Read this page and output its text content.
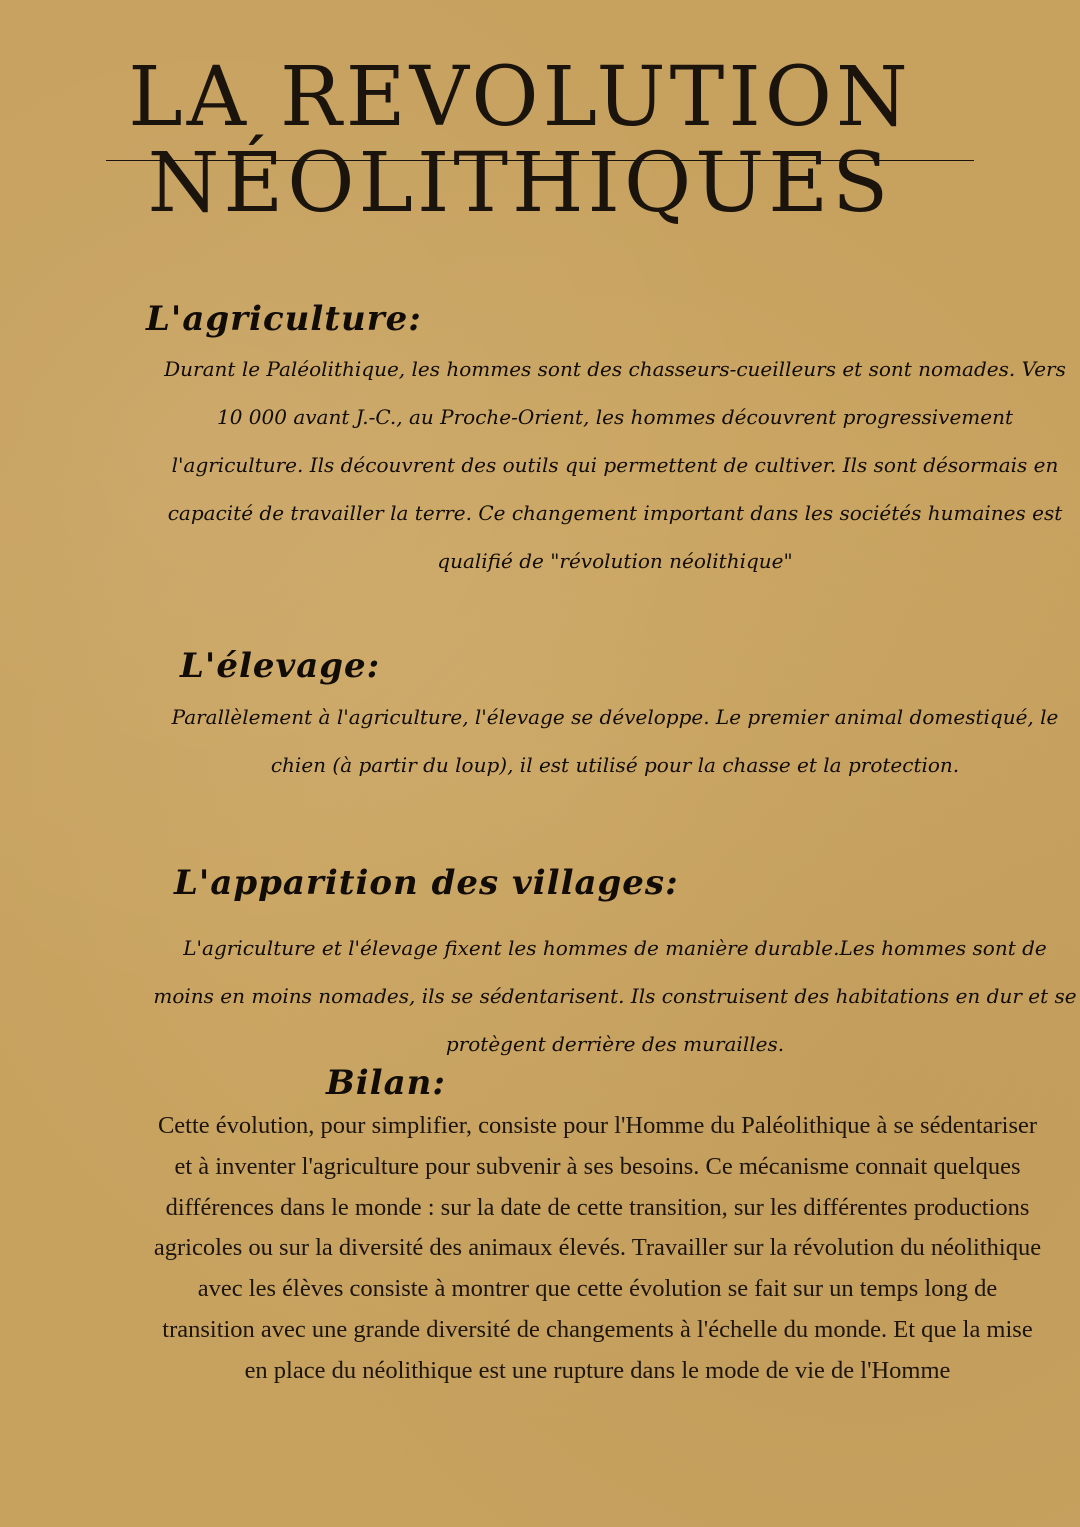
LA REVOLUTION
NÉOLITHIQUES
L'agriculture:

Durant le Paléolithique, les hommes sont des chasseurs-cueilleurs et sont nomades. Vers 10 000 avant J.-C., au Proche-Orient, les hommes découvrent progressivement l'agriculture. Ils découvrent des outils qui permettent de cultiver. Ils sont désormais en capacité de travailler la terre. Ce changement important dans les sociétés humaines est qualifié de "révolution néolithique"

L'élevage:

Parallèlement à l'agriculture, l'élevage se développe. Le premier animal domestiqué, le chien (à partir du loup), il est utilisé pour la chasse et la protection.

L'apparition des villages:

L'agriculture et l'élevage fixent les hommes de manière durable.Les hommes sont de moins en moins nomades, ils se sédentarisent. Ils construisent des habitations en dur et se protègent derrière des murailles.

Bilan:

Cette évolution, pour simplifier, consiste pour l'Homme du Paléolithique à se sédentariser et à inventer l'agriculture pour subvenir à ses besoins. Ce mécanisme connait quelques différences dans le monde : sur la date de cette transition, sur les différentes productions agricoles ou sur la diversité des animaux élevés. Travailler sur la révolution du néolithique avec les élèves consiste à montrer que cette évolution se fait sur un temps long de transition avec une grande diversité de changements à l'échelle du monde. Et que la mise en place du néolithique est une rupture dans le mode de vie de l'Homme
